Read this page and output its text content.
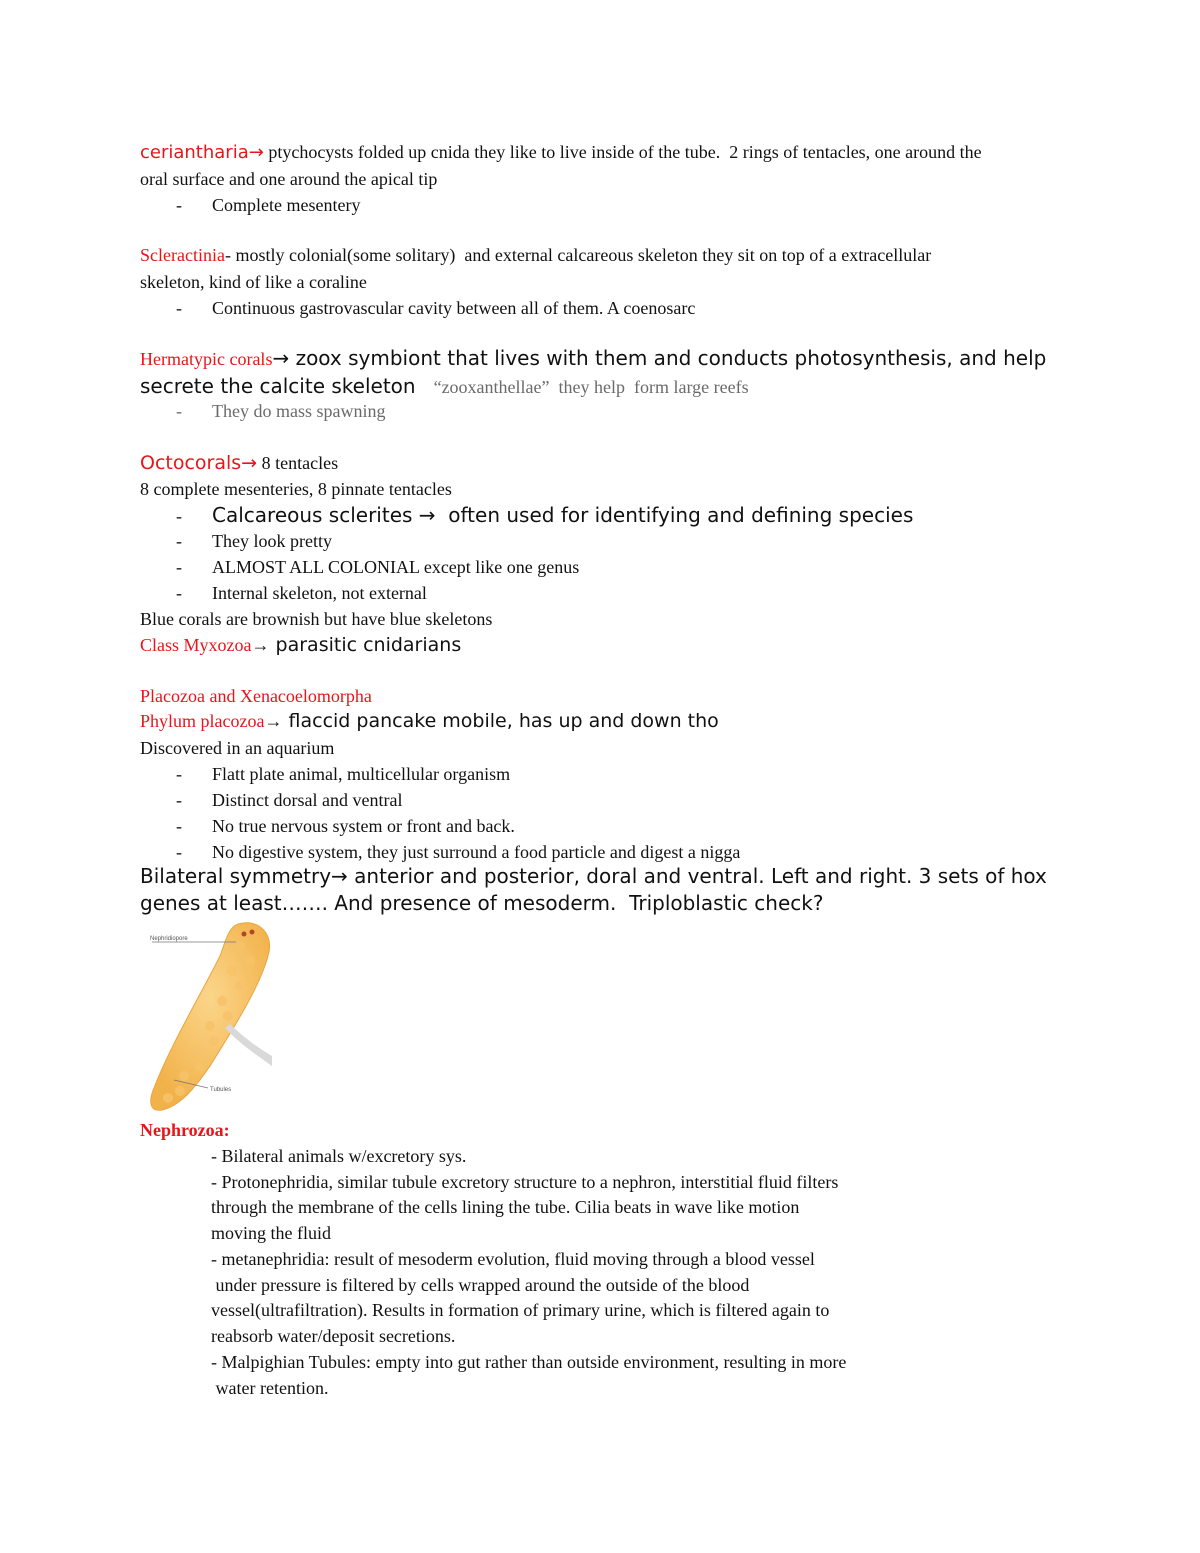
ceriantharia→ ptychocysts folded up cnida they like to live inside of the tube.  2 rings of tentacles, one around the
oral surface and one around the apical tip
- Complete mesentery
Scleractinia- mostly colonial(some solitary)  and external calcareous skeleton they sit on top of a extracellular
skeleton, kind of like a coraline
- Continuous gastrovascular cavity between all of them. A coenosarc
Hermatypic corals→ zoox symbiont that lives with them and conducts photosynthesis, and help
secrete the calcite skeleton “zooxanthellae”  they help  form large reefs
- They do mass spawning
Octocorals→ 8 tentacles
8 complete mesenteries, 8 pinnate tentacles
- Calcareous sclerites →  often used for identifying and defining species
- They look pretty
- ALMOST ALL COLONIAL except like one genus
- Internal skeleton, not external
Blue corals are brownish but have blue skeletons
Class Myxozoa→ parasitic cnidarians
Placozoa and Xenacoelomorpha
Phylum placozoa→ flaccid pancake mobile, has up and down tho
Discovered in an aquarium
- Flatt plate animal, multicellular organism
- Distinct dorsal and ventral
- No true nervous system or front and back.
- No digestive system, they just surround a food particle and digest a nigga
Bilateral symmetry→ anterior and posterior, doral and ventral. Left and right. 3 sets of hox
genes at least……. And presence of mesoderm.  Triploblastic check?
Nephridiopore
Tubules
Nephrozoa:
- Bilateral animals w/excretory sys.
- Protonephridia, similar tubule excretory structure to a nephron, interstitial fluid filters
through the membrane of the cells lining the tube. Cilia beats in wave like motion
moving the fluid
- metanephridia: result of mesoderm evolution, fluid moving through a blood vessel
under pressure is filtered by cells wrapped around the outside of the blood
vessel(ultrafiltration). Results in formation of primary urine, which is filtered again to
reabsorb water/deposit secretions.
- Malpighian Tubules: empty into gut rather than outside environment, resulting in more
water retention.
